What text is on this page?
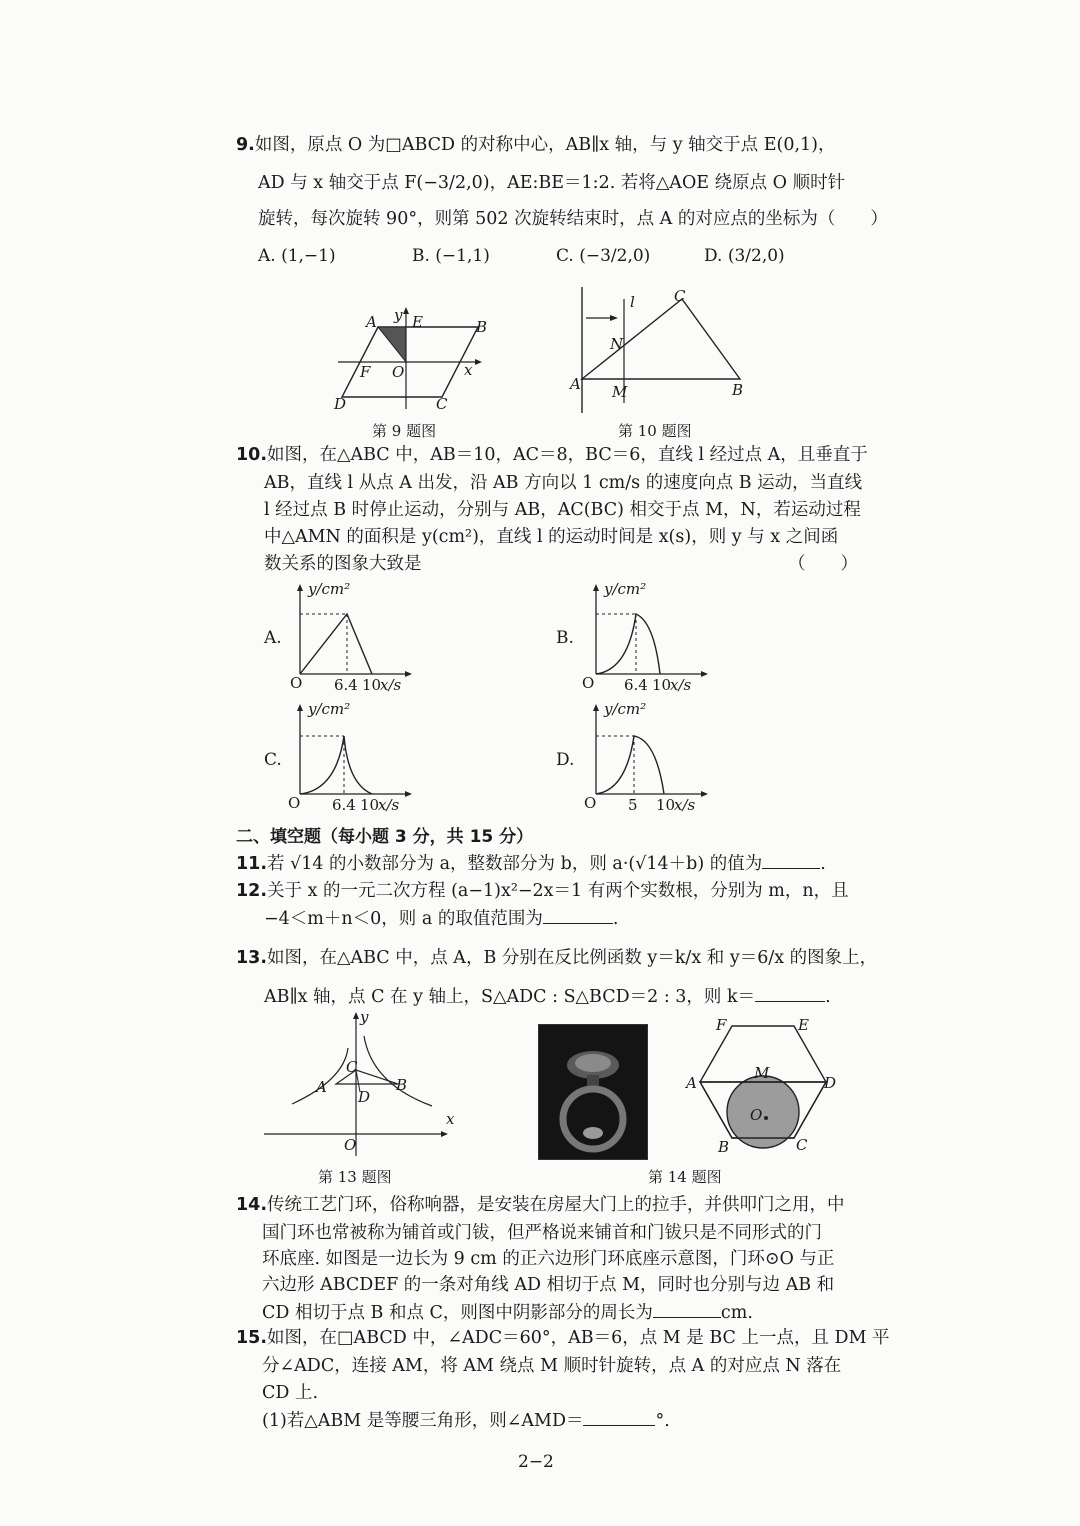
9.如图，原点 O 为□ABCD 的对称中心，AB∥x 轴，与 y 轴交于点 E(0,1)，
AD 与 x 轴交于点 F(−3/2,0)，AE:BE＝1:2. 若将△AOE 绕原点 O 顺时针
旋转，每次旋转 90°，则第 502 次旋转结束时，点 A 的对应点的坐标为（　　）
A. (1,−1)	B. (−1,1)	C. (−3/2,0)	D. (3/2,0)
A y E	B
F O	x
D	C
第 9 题图
l	C
N
A M	B
第 10 题图
10.如图，在△ABC 中，AB＝10，AC＝8，BC＝6，直线 l 经过点 A，且垂直于
AB，直线 l 从点 A 出发，沿 AB 方向以 1 cm/s 的速度向点 B 运动，当直线
l 经过点 B 时停止运动，分别与 AB，AC(BC) 相交于点 M，N，若运动过程
中△AMN 的面积是 y(cm²)，直线 l 的运动时间是 x(s)，则 y 与 x 之间函
数关系的图象大致是	（　　）
A.
y/cm²
O 6.4 10
x/s
B.
y/cm²
O 6.4 10
x/s
C.
y/cm²
O 6.4 10
x/s
D.
y/cm²
O 5 10
x/s
二、填空题（每小题 3 分，共 15 分）
11.若 √14 的小数部分为 a，整数部分为 b，则 a·(√14＋b) 的值为	.
12.关于 x 的一元二次方程 (a−1)x²−2x＝1 有两个实数根，分别为 m，n，且
−4＜m＋n＜0，则 a 的取值范围为	.
13.如图，在△ABC 中，点 A，B 分别在反比例函数 y＝k/x 和 y＝6/x 的图象上，
AB∥x 轴，点 C 在 y 轴上，S△ADC : S△BCD＝2 : 3，则 k＝	.
y
C
A	B
D
x
O
第 13 题图
F	E
A
M
D
O
B	C
第 14 题图
14.传统工艺门环，俗称响器，是安装在房屋大门上的拉手，并供叩门之用，中
国门环也常被称为铺首或门钹，但严格说来铺首和门钹只是不同形式的门
环底座. 如图是一边长为 9 cm 的正六边形门环底座示意图，门环⊙O 与正
六边形 ABCDEF 的一条对角线 AD 相切于点 M，同时也分别与边 AB 和
CD 相切于点 B 和点 C，则图中阴影部分的周长为	cm.
15.如图，在□ABCD 中，∠ADC＝60°，AB＝6，点 M 是 BC 上一点，且 DM 平
分∠ADC，连接 AM，将 AM 绕点 M 顺时针旋转，点 A 的对应点 N 落在
CD 上.
(1)若△ABM 是等腰三角形，则∠AMD＝	°.
2−2
